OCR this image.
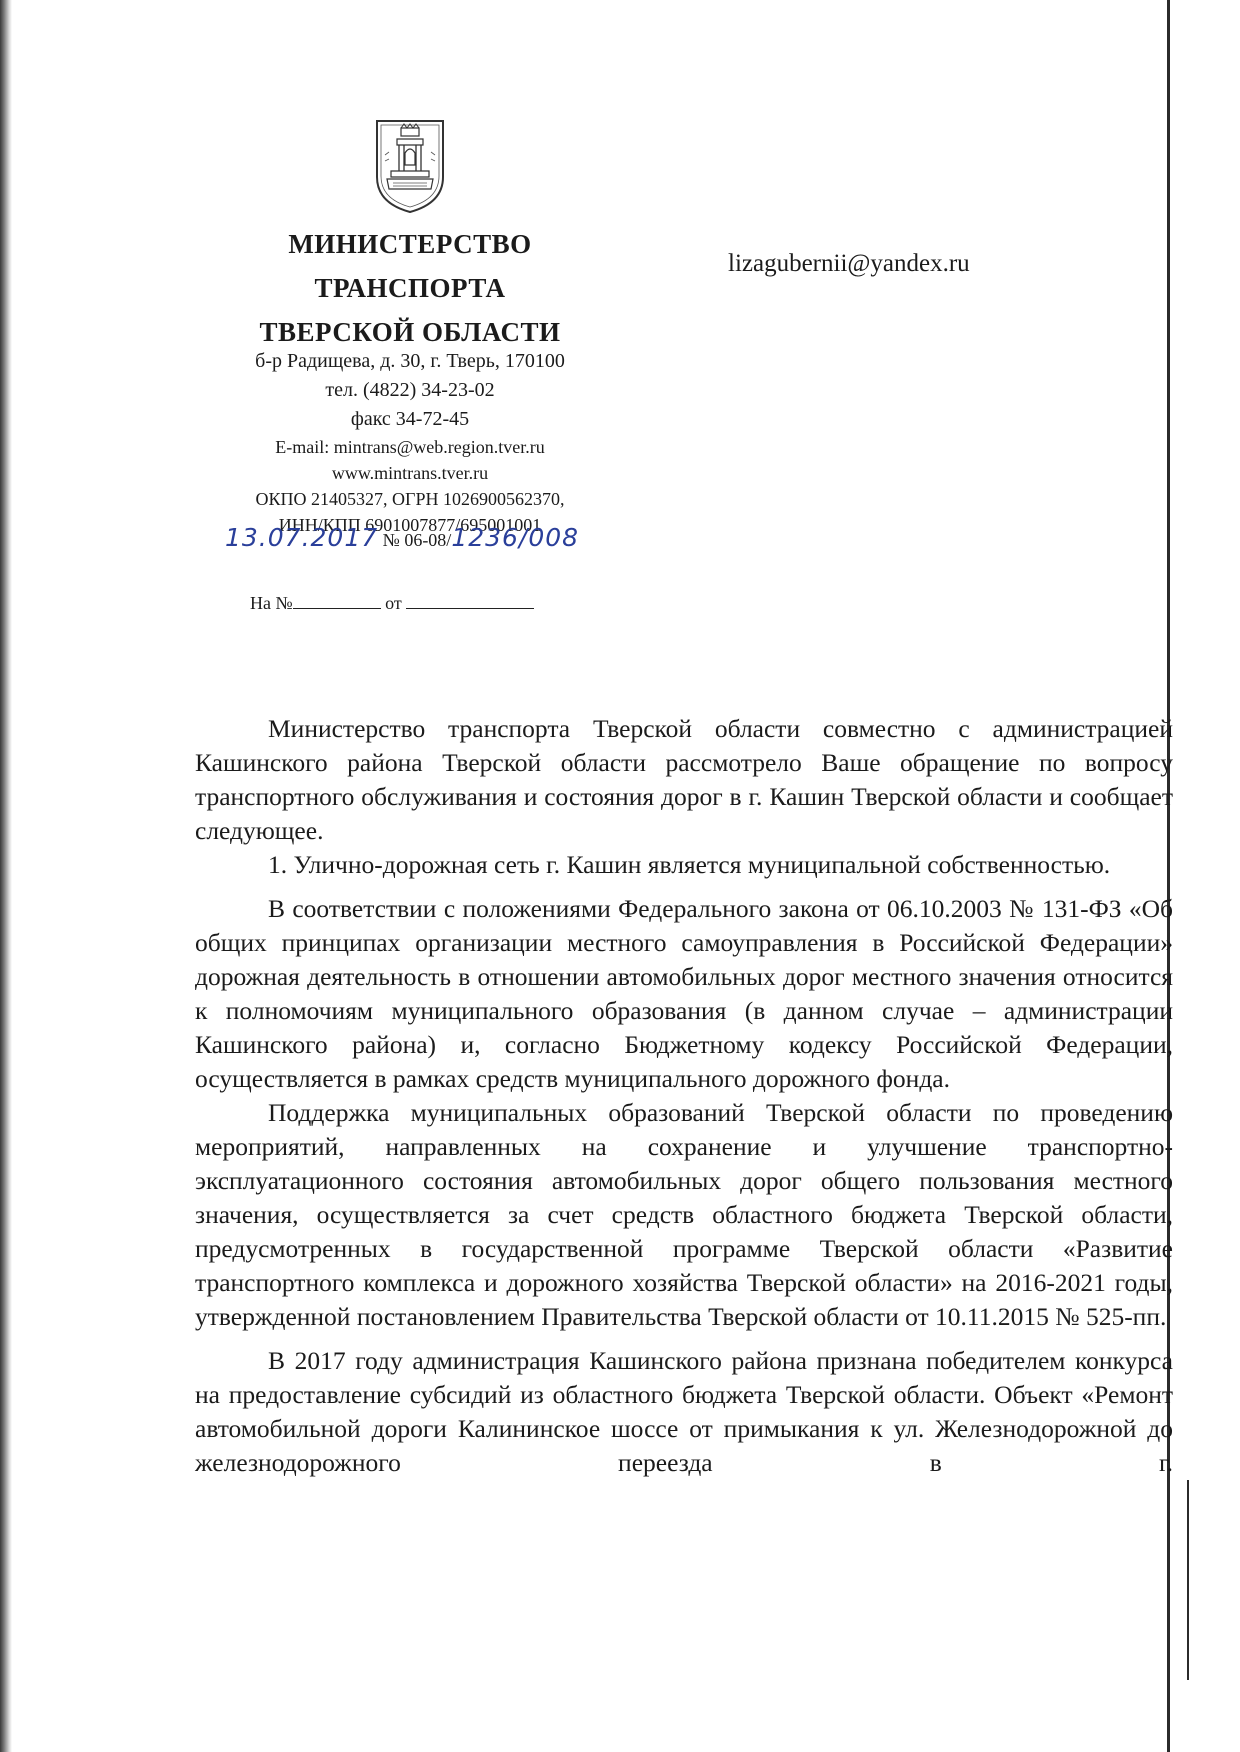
МИНИСТЕРСТВО
ТРАНСПОРТА
ТВЕРСКОЙ ОБЛАСТИ
б-р Радищева, д. 30, г. Тверь, 170100
тел. (4822) 34-23-02
факс 34-72-45
E-mail: mintrans@web.region.tver.ru
www.mintrans.tver.ru
ОКПО 21405327, ОГРН 1026900562370,
ИНН/КПП 6901007877/695001001
13.07.2017 № 06-08/1236/008
На №	от
lizagubernii@yandex.ru

Министерство транспорта Тверской области совместно с администрацией Кашинского района Тверской области рассмотрело Ваше обращение по вопросу транспортного обслуживания и состояния дорог в г. Кашин Тверской области и сообщает следующее.

1. Улично-дорожная сеть г. Кашин является муниципальной собственностью.

В соответствии с положениями Федерального закона от 06.10.2003 № 131-ФЗ «Об общих принципах организации местного самоуправления в Российской Федерации» дорожная деятельность в отношении автомобильных дорог местного значения относится к полномочиям муниципального образования (в данном случае – администрации Кашинского района) и, согласно Бюджетному кодексу Российской Федерации, осуществляется в рамках средств муниципального дорожного фонда.

Поддержка муниципальных образований Тверской области по проведению мероприятий, направленных на сохранение и улучшение транспортно-эксплуатационного состояния автомобильных дорог общего пользования местного значения, осуществляется за счет средств областного бюджета Тверской области, предусмотренных в государственной программе Тверской области «Развитие транспортного комплекса и дорожного хозяйства Тверской области» на 2016-2021 годы, утвержденной постановлением Правительства Тверской области от 10.11.2015 № 525-пп.

В 2017 году администрация Кашинского района признана победителем конкурса на предоставление субсидий из областного бюджета Тверской области. Объект «Ремонт автомобильной дороги Калининское шоссе от примыкания к ул. Железнодорожной до железнодорожного переезда в г.
